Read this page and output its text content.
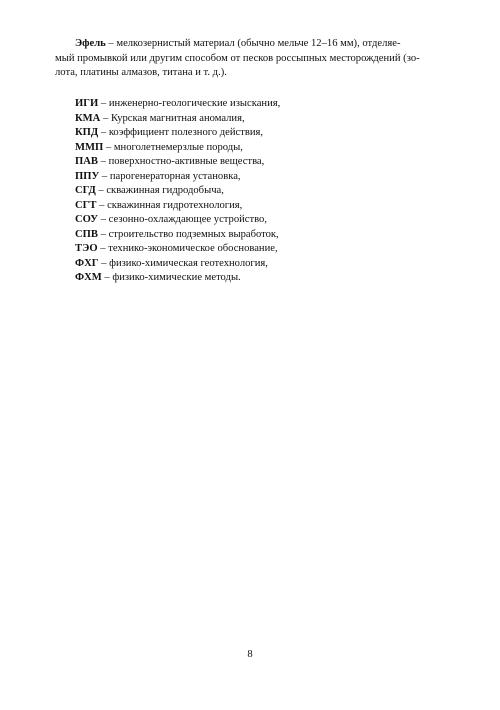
Эфель – мелкозернистый материал (обычно мельче 12–16 мм), отделяе-
мый промывкой или другим способом от песков россыпных месторождений (зо-
лота, платины алмазов, титана и т. д.).

ИГИ – инженерно-геологические изыскания,
КМА – Курская магнитная аномалия,
КПД – коэффициент полезного действия,
ММП – многолетнемерзлые породы,
ПАВ – поверхностно-активные вещества,
ППУ – парогенераторная установка,
СГД – скважинная гидродобыча,
СГТ – скважинная гидротехнология,
СОУ – сезонно-охлаждающее устройство,
СПВ – строительство подземных выработок,
ТЭО – технико-экономическое обоснование,
ФХГ – физико-химическая геотехнология,
ФХМ – физико-химические методы.
8
